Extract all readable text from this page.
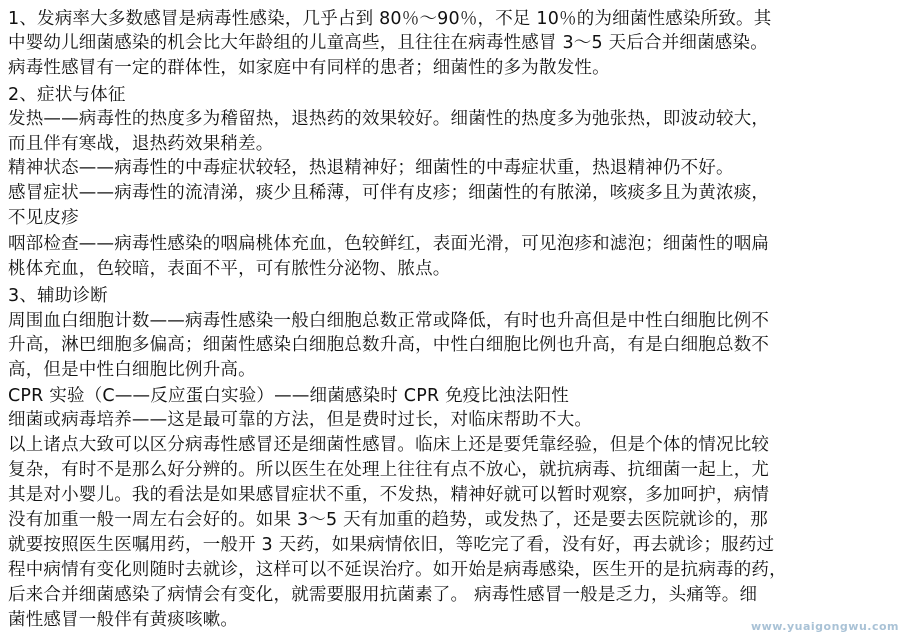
1、发病率大多数感冒是病毒性感染，几乎占到 80％～90％，不足 10％的为细菌性感染所致。其
中婴幼儿细菌感染的机会比大年龄组的儿童高些，且往往在病毒性感冒 3～5 天后合并细菌感染。
病毒性感冒有一定的群体性，如家庭中有同样的患者；细菌性的多为散发性。
2、症状与体征
发热——病毒性的热度多为稽留热，退热药的效果较好。细菌性的热度多为弛张热，即波动较大，
而且伴有寒战，退热药效果稍差。
精神状态——病毒性的中毒症状较轻，热退精神好；细菌性的中毒症状重，热退精神仍不好。
感冒症状——病毒性的流清涕，痰少且稀薄，可伴有皮疹；细菌性的有脓涕，咳痰多且为黄浓痰，
不见皮疹
咽部检查——病毒性感染的咽扁桃体充血，色较鲜红，表面光滑，可见泡疹和滤泡；细菌性的咽扁
桃体充血，色较暗，表面不平，可有脓性分泌物、脓点。
3、辅助诊断
周围血白细胞计数——病毒性感染一般白细胞总数正常或降低，有时也升高但是中性白细胞比例不
升高，淋巴细胞多偏高；细菌性感染白细胞总数升高，中性白细胞比例也升高，有是白细胞总数不
高，但是中性白细胞比例升高。
CPR 实验（C——反应蛋白实验）——细菌感染时 CPR 免疫比浊法阳性
细菌或病毒培养——这是最可靠的方法，但是费时过长，对临床帮助不大。
以上诸点大致可以区分病毒性感冒还是细菌性感冒。临床上还是要凭靠经验，但是个体的情况比较
复杂，有时不是那么好分辨的。所以医生在处理上往往有点不放心，就抗病毒、抗细菌一起上，尤
其是对小婴儿。我的看法是如果感冒症状不重，不发热，精神好就可以暂时观察，多加呵护，病情
没有加重一般一周左右会好的。如果 3～5 天有加重的趋势，或发热了，还是要去医院就诊的，那
就要按照医生医嘱用药，一般开 3 天药，如果病情依旧，等吃完了看，没有好，再去就诊；服药过
程中病情有变化则随时去就诊，这样可以不延误治疗。如开始是病毒感染，医生开的是抗病毒的药，
后来合并细菌感染了病情会有变化，就需要服用抗菌素了。 病毒性感冒一般是乏力，头痛等。细
菌性感冒一般伴有黄痰咳嗽。	www.yuaigongwu.com
